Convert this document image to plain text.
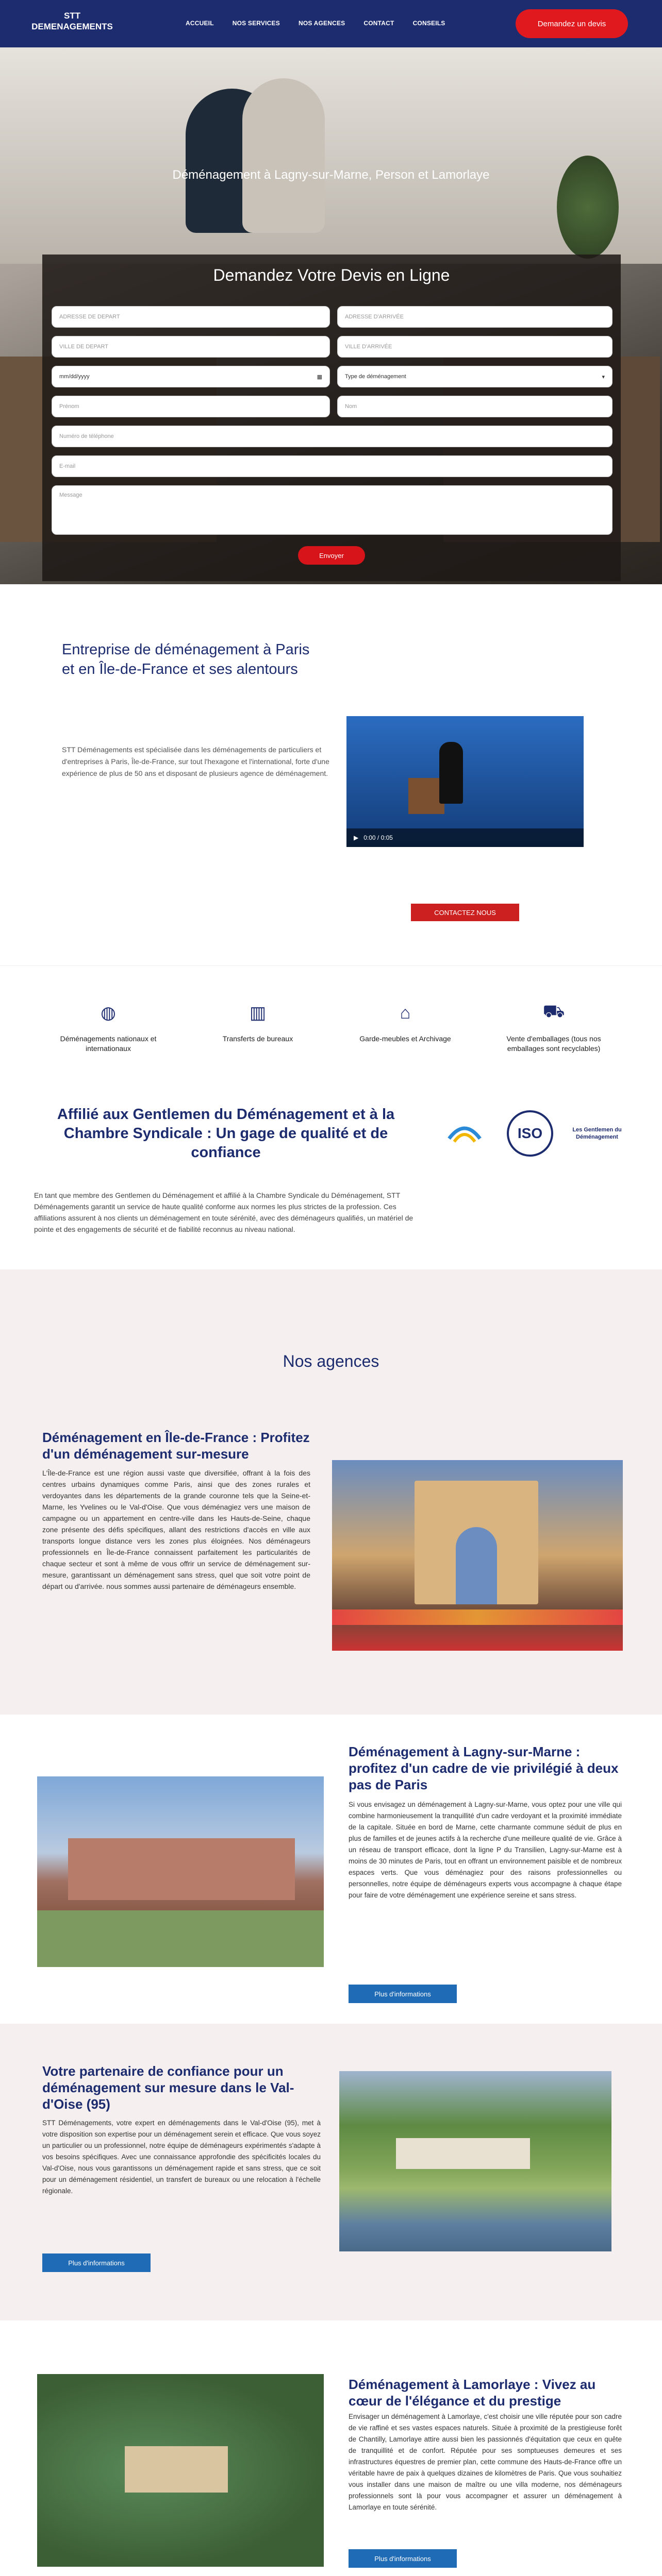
STT DEMENAGEMENTS	ACCUEIL	NOS SERVICES	NOS AGENCES	CONTACT	CONSEILS	Demandez un devis
Déménagement à Lagny-sur-Marne, Person et Lamorlaye
Demandez Votre Devis en Ligne
ADRESSE DE DEPART	ADRESSE D'ARRIVÉE
VILLE DE DEPART	VILLE D'ARRIVÉE
mm/dd/yyyy	▦	Type de déménagement	▾
Prénom	Nom
Numéro de téléphone
E-mail
Message
Envoyer
Entreprise de déménagement à Paris et en Île-de-France et ses alentours

STT Déménagements est spécialisée dans les déménagements de particuliers et d'entreprises à Paris, Île-de-France, sur tout l'hexagone et l'international, forte d'une expérience de plus de 50 ans et disposant de plusieurs agence de déménagement.

▶ 0:00 / 0:05
CONTACTEZ NOUS
◍
Déménagements nationaux et internationaux
▥
Transferts de bureaux
⌂
Garde-meubles et Archivage
⛟
Vente d'emballages (tous nos emballages sont recyclables)
Affilié aux Gentlemen du Déménagement et à la Chambre Syndicale : Un gage de qualité et de confiance
ISO	Les Gentlemen du Déménagement
En tant que membre des Gentlemen du Déménagement et affilié à la Chambre Syndicale du Déménagement, STT Déménagements garantit un service de haute qualité conforme aux normes les plus strictes de la profession. Ces affiliations assurent à nos clients un déménagement en toute sérénité, avec des déménageurs qualifiés, un matériel de pointe et des engagements de sécurité et de fiabilité reconnus au niveau national.
Nos agences
Déménagement en Île-de-France : Profitez d'un déménagement sur-mesure

L'Île-de-France est une région aussi vaste que diversifiée, offrant à la fois des centres urbains dynamiques comme Paris, ainsi que des zones rurales et verdoyantes dans les départements de la grande couronne tels que la Seine-et-Marne, les Yvelines ou le Val-d'Oise. Que vous déménagiez vers une maison de campagne ou un appartement en centre-ville dans les Hauts-de-Seine, chaque zone présente des défis spécifiques, allant des restrictions d'accès en ville aux transports longue distance vers les zones plus éloignées. Nos déménageurs professionnels en Île-de-France connaissent parfaitement les particularités de chaque secteur et sont à même de vous offrir un service de déménagement sur-mesure, garantissant un déménagement sans stress, quel que soit votre point de départ ou d'arrivée. nous sommes aussi partenaire de déménageurs ensemble.

Déménagement à Lagny-sur-Marne : profitez d'un cadre de vie privilégié à deux pas de Paris

Si vous envisagez un déménagement à Lagny-sur-Marne, vous optez pour une ville qui combine harmonieusement la tranquillité d'un cadre verdoyant et la proximité immédiate de la capitale. Située en bord de Marne, cette charmante commune séduit de plus en plus de familles et de jeunes actifs à la recherche d'une meilleure qualité de vie. Grâce à un réseau de transport efficace, dont la ligne P du Transilien, Lagny-sur-Marne est à moins de 30 minutes de Paris, tout en offrant un environnement paisible et de nombreux espaces verts. Que vous déménagiez pour des raisons professionnelles ou personnelles, notre équipe de déménageurs experts vous accompagne à chaque étape pour faire de votre déménagement une expérience sereine et sans stress.

Plus d'informations
Votre partenaire de confiance pour un déménagement sur mesure dans le Val-d'Oise (95)

STT Déménagements, votre expert en déménagements dans le Val-d'Oise (95), met à votre disposition son expertise pour un déménagement serein et efficace. Que vous soyez un particulier ou un professionnel, notre équipe de déménageurs expérimentés s'adapte à vos besoins spécifiques. Avec une connaissance approfondie des spécificités locales du Val-d'Oise, nous vous garantissons un déménagement rapide et sans stress, que ce soit pour un déménagement résidentiel, un transfert de bureaux ou une relocation à l'échelle régionale.

Plus d'informations
Déménagement à Lamorlaye : Vivez au cœur de l'élégance et du prestige

Envisager un déménagement à Lamorlaye, c'est choisir une ville réputée pour son cadre de vie raffiné et ses vastes espaces naturels. Située à proximité de la prestigieuse forêt de Chantilly, Lamorlaye attire aussi bien les passionnés d'équitation que ceux en quête de tranquillité et de confort. Réputée pour ses somptueuses demeures et ses infrastructures équestres de premier plan, cette commune des Hauts-de-France offre un véritable havre de paix à quelques dizaines de kilomètres de Paris. Que vous souhaitiez vous installer dans une maison de maître ou une villa moderne, nos déménageurs professionnels sont là pour vous accompagner et assurer un déménagement à Lamorlaye en toute sérénité.

Plus d'informations
